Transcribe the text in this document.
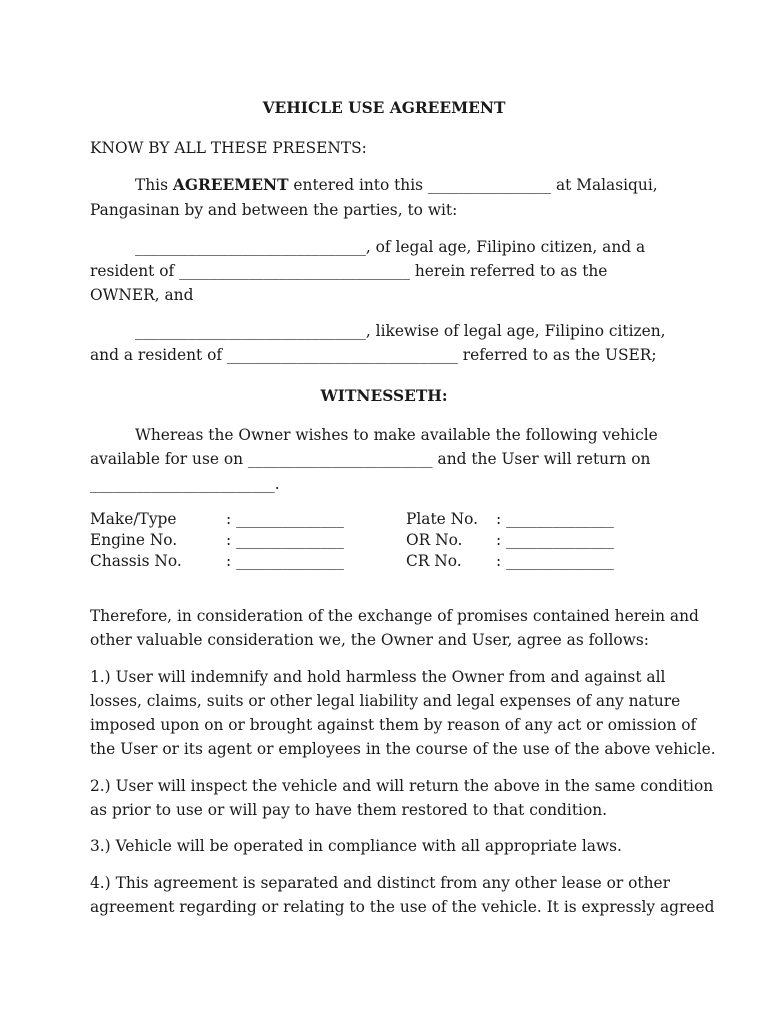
VEHICLE USE AGREEMENT
KNOW BY ALL THESE PRESENTS:
This AGREEMENT entered into this ________________ at Malasiqui,
Pangasinan by and between the parties, to wit:
______________________________, of legal age, Filipino citizen, and a
resident of ______________________________ herein referred to as the
OWNER, and
______________________________, likewise of legal age, Filipino citizen,
and a resident of ______________________________ referred to as the USER;
WITNESSETH:
Whereas the Owner wishes to make available the following vehicle
available for use on ________________________ and the User will return on
________________________.
Make/Type	: ______________	Plate No. : ______________
Engine No.	: ______________	OR No. : ______________
Chassis No.	: ______________	CR No. : ______________
Therefore, in consideration of the exchange of promises contained herein and
other valuable consideration we, the Owner and User, agree as follows:
1.) User will indemnify and hold harmless the Owner from and against all
losses, claims, suits or other legal liability and legal expenses of any nature
imposed upon on or brought against them by reason of any act or omission of
the User or its agent or employees in the course of the use of the above vehicle.
2.) User will inspect the vehicle and will return the above in the same condition
as prior to use or will pay to have them restored to that condition.
3.) Vehicle will be operated in compliance with all appropriate laws.
4.) This agreement is separated and distinct from any other lease or other
agreement regarding or relating to the use of the vehicle. It is expressly agreed
